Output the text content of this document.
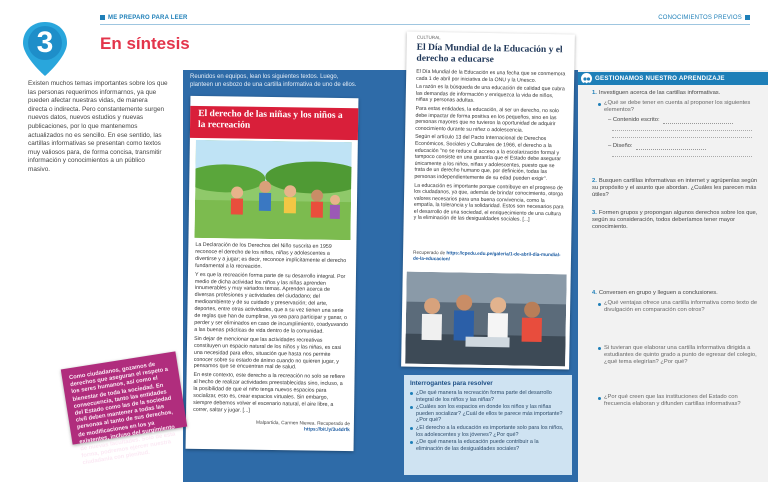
ME PREPARO PARA LEER	CONOCIMIENTOS PREVIOS
3	En síntesis
Existen muchos temas importantes sobre los que las personas requerimos informarnos, ya que pueden afectar nuestras vidas, de manera directa o indirecta. Pero constantemente surgen nuevos datos, nuevos estudios y nuevas publicaciones, por lo que mantenemos actualizados no es sencillo. En ese sentido, las cartillas informativas se presentan como textos muy valiosos para, de forma concisa, transmitir información y conocimientos a un público masivo.
Reunidos en equipos, lean los siguientes textos. Luego, planteen un esbozo de una cartilla informativa de uno de ellos.
El derecho de las niñas y los niños a la recreación

La Declaración de los Derechos del Niño suscrita en 1959 reconoce el derecho de los niños, niñas y adolescentes a divertirse y a jugar; es decir, reconoce implícitamente el derecho fundamental a la recreación.

Y es que la recreación forma parte de su desarrollo integral. Por medio de dicha actividad los niños y las niñas aprenden innumerables y muy variados temas. Aprenden acerca de diversas profesiones y actividades del ciudadano; del medioambiente y de su cuidado y preservación; del arte, deportes, entre otras actividades, que a su vez tienen una serie de reglas que han de cumplirse, ya sea para participar y ganar, o perder y ser eliminados en caso de incumplimiento, coadyuvando a las buenas prácticas de vida dentro de la comunidad.

Sin dejar de mencionar que las actividades recreativas constituyen un espacio natural de los niños y las niñas, es casi una necesidad para ellos, situación que hasta nos permite conocer sobre su estado de ánimo cuando no quieren jugar, y pensamos que se encuentran mal de salud.

En este contexto, este derecho a la recreación no solo se refiere al hecho de realizar actividades preestablecidas sino, incluso, a la posibilidad de que el niño tenga nuevos espacios para socializar, esto es, crear espacios virtuales. Sin embargo, siempre debemos volver el escenario natural, el aire libre, a correr, saltar y jugar. [...]

Malpartida, Carmen Nievea. Recuperado de https://bit.ly/3u4drfk
Como ciudadanos, gozamos de derechos que aseguran el respeto a los seres humanos, así como el bienestar de toda la sociedad. En consecuencia, tanto las entidades del Estado como las de la sociedad civil deben mantener a todas las personas al tanto de sus derechos, de modificaciones en los ya existentes, incluso del surgimiento de nuevas facultades. Solo de esta forma, podremos ejercer nuestra ciudadanía con plenitud.
CULTURAL
El Día Mundial de la Educación y el derecho a educarse

El Día Mundial de la Educación es una fecha que se conmemora cada 1 de abril por iniciativa de la ONU y la Unesco.

La razón es la búsqueda de una educación de calidad que cubra las demandas de información y enriquezca la vida de niños, niñas y personas adultas.

Para estas entidades, la educación, al ser un derecho, no solo debe impactar de forma positiva en los pequeños, sino en las personas mayores que no tuvieron la oportunidad de adquirir conocimiento durante su niñez o adolescencia.

Según el artículo 13 del Pacto Internacional de Derechos Económicos, Sociales y Culturales de 1966, el derecho a la educación "no se reduce al acceso a la escolarización formal y tampoco consiste en una garantía que el Estado debe asegurar únicamente a los niños, niñas y adolescentes, puesto que se trata de un derecho humano que, por definición, todas las personas independientemente de su edad pueden exigir".

La educación es importante porque contribuye en el progreso de los ciudadanos, ya que, además de brindar conocimiento, otorga valores necesarios para una buena convivencia, como la empatía, la tolerancia y la solidaridad. Estos son necesarios para el desarrollo de una sociedad, el enriquecimiento de una cultura y la eliminación de las desigualdades sociales. [...]

Recuperado de https://cpedu.edu.pe/galeria/1-de-abril-dia-mundial-de-la-educacion/
Interrogantes para resolver
¿De qué manera la recreación forma parte del desarrollo integral de los niños y las niñas?
¿Cuáles son los espacios en donde los niños y las niñas pueden socializar? ¿Cuál de ellos te parece más importante? ¿Por qué?
¿El derecho a la educación es importante solo para los niños, los adolescentes y los jóvenes? ¿Por qué?
¿De qué manera la educación puede contribuir a la eliminación de las desigualdades sociales?
GESTIONAMOS NUESTRO APRENDIZAJE
1. Investiguen acerca de las cartillas informativas.
¿Qué se debe tener en cuenta al proponer los siguientes elementos?
– Contenido escrito:
– Diseño:
2. Busquen cartillas informativas en internet y agrúpenlas según su propósito y el asunto que abordan. ¿Cuáles les parecen más útiles?
3. Formen grupos y propongan algunos derechos sobre los que, según su consideración, todos deberíamos tener mayor conocimiento.
4. Conversen en grupo y lleguen a conclusiones.
¿Qué ventajas ofrece una cartilla informativa como texto de divulgación en comparación con otros?
Si tuvieran que elaborar una cartilla informativa dirigida a estudiantes de quinto grado a punto de egresar del colegio, ¿qué tema elegirían? ¿Por qué?
¿Por qué creen que las instituciones del Estado con frecuencia elaboran y difunden cartillas informativas?
